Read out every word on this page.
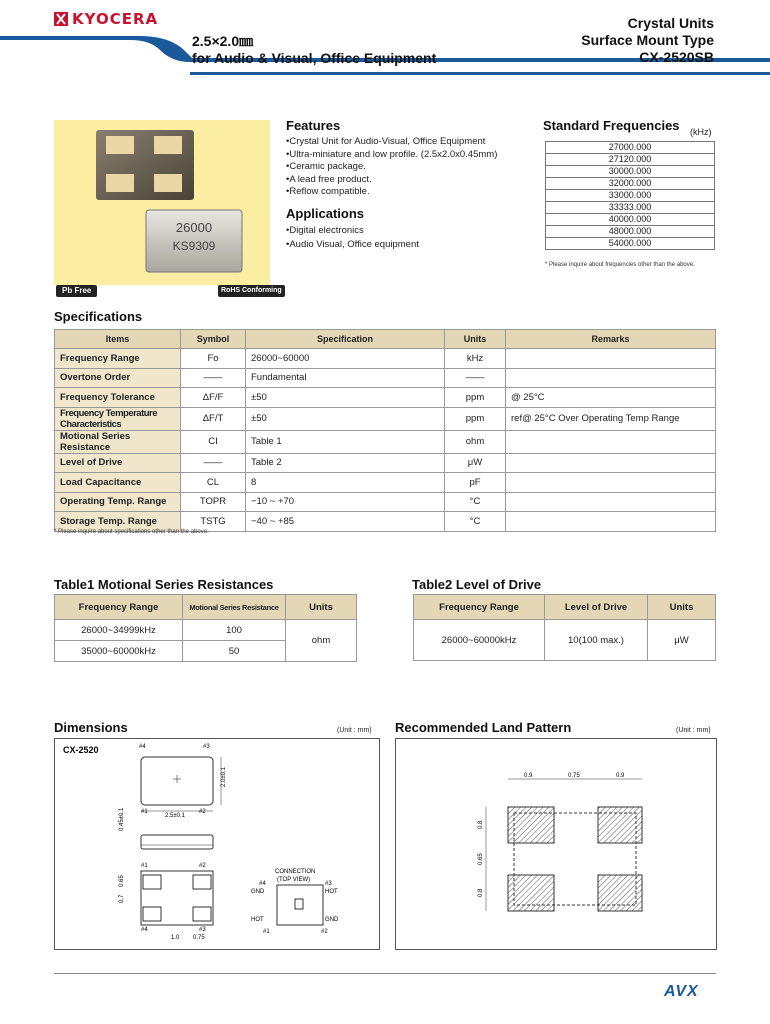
KYOCERA
2.5×2.0㎜
for Audio & Visual, Office Equipment
Crystal Units
Surface Mount Type
CX-2520SB
26000
KS9309
Pb Free	RoHS Conforming
Features
• Crystal Unit for Audio-Visual, Office Equipment
• Ultra-miniature and low profile. (2.5x2.0x0.45mm)
• Ceramic package.
• A lead free product.
• Reflow compatible.
Applications
• Digital electronics
• Audio Visual, Office equipment
Standard Frequencies (kHz)
27000.000
27120.000
30000.000
32000.000
33000.000
33333.000
40000.000
48000.000
54000.000
* Please inquire about frequencies other than the above.
Specifications
Items	Symbol	Specification	Units	Remarks
Frequency Range	Fo	26000~60000	kHz	
Overtone Order	——	Fundamental	——	
Frequency Tolerance	ΔF/F	±50	ppm	@ 25°C
Frequency Temperature Characteristics	ΔF/T	±50	ppm	ref@ 25°C Over Operating Temp Range
Motional Series Resistance	CI	Table 1	ohm	
Level of Drive	——	Table 2	μW	
Load Capacitance	CL	8	pF	
Operating Temp. Range	TOPR	−10 ~ +70	°C	
Storage Temp. Range	TSTG	−40 ~ +85	°C	
* Please inquire about specifications other than the above.
Table1 Motional Series Resistances
Frequency Range	Motional Series Resistance	Units
26000~34999kHz	100	ohm
35000~60000kHz	50	
Table2 Level of Drive
Frequency Range	Level of Drive	Units
26000~60000kHz	10(100 max.)	μW
Dimensions	(Unit : mm)
CX-2520	#4	#3
#1	#2
2.5±0.1
2.0±0.1
0.45±0.1
#1	#2
#4	#3
0.7
0.65
1.0 0.75
CONNECTION
(TOP VIEW)
#4	#3
GND	HOT
HOT	GND
#1	#2
Recommended Land Pattern	(Unit : mm)
0.9	0.75	0.9
0.8
0.65
0.8
AVX
